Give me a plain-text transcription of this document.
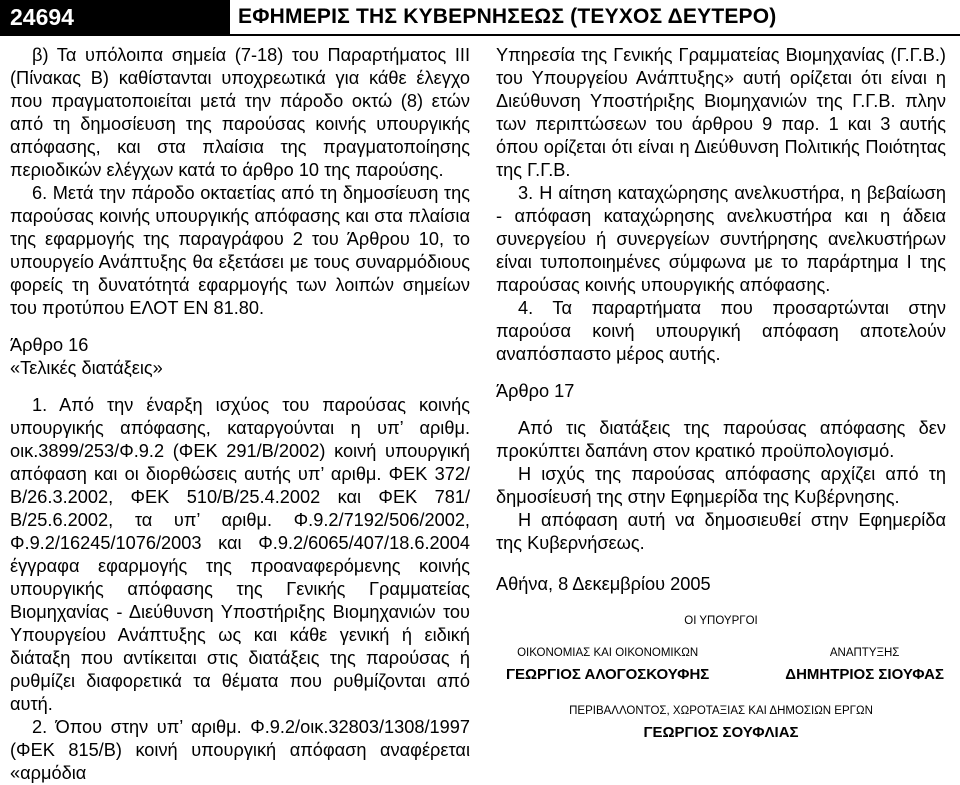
24694	ΕΦΗΜΕΡΙΣ ΤΗΣ ΚΥΒΕΡΝΗΣΕΩΣ (ΤΕΥΧΟΣ ΔΕΥΤΕΡΟ)

β) Τα υπόλοιπα σημεία (7-18) του Παραρτήματος ΙΙΙ (Πίνακας Β) καθίστανται υποχρεωτικά για κάθε έλεγχο που πραγματοποιείται μετά την πάροδο οκτώ (8) ετών από τη δημοσίευση της παρούσας κοινής υπουργικής απόφασης, και στα πλαίσια της πραγματοποίησης περιοδικών ελέγχων κατά το άρθρο 10 της παρούσης.

6. Μετά την πάροδο οκταετίας από τη δημοσίευση της παρούσας κοινής υπουργικής απόφασης και στα πλαίσια της εφαρμογής της παραγράφου 2 του Άρθρου 10, το υπουργείο Ανάπτυξης θα εξετάσει με τους συναρμόδιους φορείς τη δυνατότητά εφαρμογής των λοιπών σημείων του προτύπου ΕΛΟΤ ΕΝ 81.80.

Άρθρο 16

«Τελικές διατάξεις»

1. Από την έναρξη ισχύος του παρούσας κοινής υπουργικής απόφασης, καταργούνται η υπ’ αριθμ. οικ.3899/253/Φ.9.2 (ΦΕΚ 291/Β/2002) κοινή υπουργική απόφαση και οι διορθώσεις αυτής υπ’ αριθμ. ΦΕΚ 372/Β/26.3.2002, ΦΕΚ 510/Β/25.4.2002 και ΦΕΚ 781/Β/25.6.2002, τα υπ’ αριθμ. Φ.9.2/7192/506/2002, Φ.9.2/16245/1076/2003 και Φ.9.2/6065/407/18.6.2004 έγγραφα εφαρμογής της προαναφερόμενης κοινής υπουργικής απόφασης της Γενικής Γραμματείας Βιομηχανίας - Διεύθυνση Υποστήριξης Βιομηχανιών του Υπουργείου Ανάπτυξης ως και κάθε γενική ή ειδική διάταξη που αντίκειται στις διατάξεις της παρούσας ή ρυθμίζει διαφορετικά τα θέματα που ρυθμίζονται από αυτή.

2. Όπου στην υπ’ αριθμ. Φ.9.2/οικ.32803/1308/1997 (ΦΕΚ 815/Β) κοινή υπουργική απόφαση αναφέρεται «αρμόδια

Υπηρεσία της Γενικής Γραμματείας Βιομηχανίας (Γ.Γ.Β.) του Υπουργείου Ανάπτυξης» αυτή ορίζεται ότι είναι η Διεύθυνση Υποστήριξης Βιομηχανιών της Γ.Γ.Β. πλην των περιπτώσεων του άρθρου 9 παρ. 1 και 3 αυτής όπου ορίζεται ότι είναι η Διεύθυνση Πολιτικής Ποιότητας της Γ.Γ.Β.

3. Η αίτηση καταχώρησης ανελκυστήρα, η βεβαίωση - απόφαση καταχώρησης ανελκυστήρα και η άδεια συνεργείου ή συνεργείων συντήρησης ανελκυστήρων είναι τυποποιημένες σύμφωνα με το παράρτημα Ι της παρούσας κοινής υπουργικής απόφασης.

4. Τα παραρτήματα που προσαρτώνται στην παρούσα κοινή υπουργική απόφαση αποτελούν αναπόσπαστο μέρος αυτής.

Άρθρο 17

Από τις διατάξεις της παρούσας απόφασης δεν προκύπτει δαπάνη στον κρατικό προϋπολογισμό.

Η ισχύς της παρούσας απόφασης αρχίζει από τη δημοσίευσή της στην Εφημερίδα της Κυβέρνησης.

Η απόφαση αυτή να δημοσιευθεί στην Εφημερίδα της Κυβερνήσεως.

Αθήνα, 8 Δεκεμβρίου 2005

ΟΙ ΥΠΟΥΡΓΟΙ
ΟΙΚΟΝΟΜΙΑΣ ΚΑΙ ΟΙΚΟΝΟΜΙΚΩΝ
ΓΕΩΡΓΙΟΣ ΑΛΟΓΟΣΚΟΥΦΗΣ
ΑΝΑΠΤΥΞΗΣ
ΔΗΜΗΤΡΙΟΣ ΣΙΟΥΦΑΣ
ΠΕΡΙΒΑΛΛΟΝΤΟΣ, ΧΩΡΟΤΑΞΙΑΣ ΚΑΙ ΔΗΜΟΣΙΩΝ ΕΡΓΩΝ
ΓΕΩΡΓΙΟΣ ΣΟΥΦΛΙΑΣ
